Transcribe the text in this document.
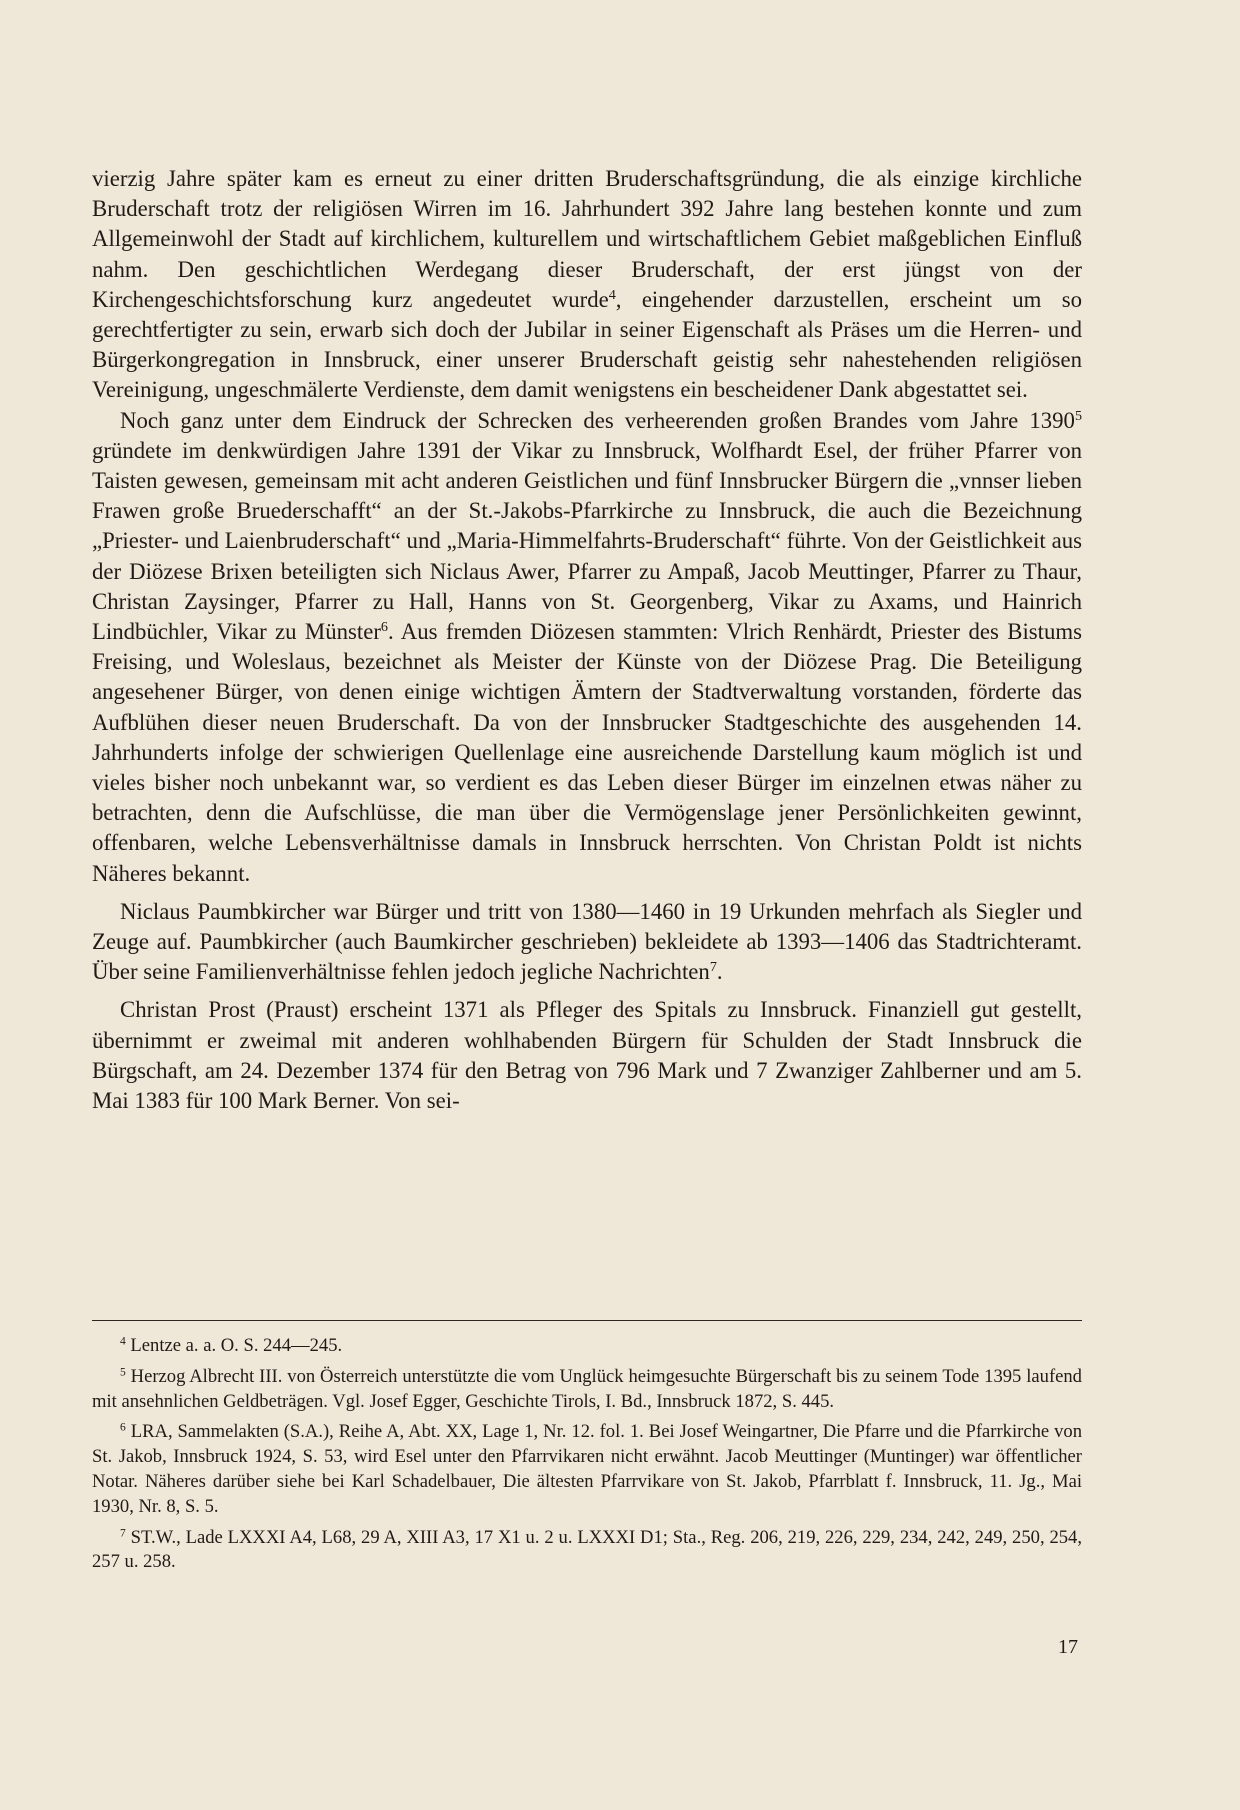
vierzig Jahre später kam es erneut zu einer dritten Bruderschaftsgründung, die als einzige kirchliche Bruderschaft trotz der religiösen Wirren im 16. Jahrhundert 392 Jahre lang bestehen konnte und zum Allgemeinwohl der Stadt auf kirchlichem, kulturellem und wirtschaftlichem Gebiet maßgeblichen Einfluß nahm. Den geschichtlichen Werdegang dieser Bruderschaft, der erst jüngst von der Kirchengeschichtsforschung kurz angedeutet wurde$^4$, eingehender darzustellen, erscheint um so gerechtfertigter zu sein, erwarb sich doch der Jubilar in seiner Eigenschaft als Präses um die Herren- und Bürgerkongregation in Innsbruck, einer unserer Bruderschaft geistig sehr nahestehenden religiösen Vereinigung, ungeschmälerte Verdienste, dem damit wenigstens ein bescheidener Dank abgestattet sei.

Noch ganz unter dem Eindruck der Schrecken des verheerenden großen Brandes vom Jahre 1390$^5$ gründete im denkwürdigen Jahre 1391 der Vikar zu Innsbruck, Wolfhardt Esel, der früher Pfarrer von Taisten gewesen, gemeinsam mit acht anderen Geistlichen und fünf Innsbrucker Bürgern die „vnnser lieben Frawen große Bruederschafft“ an der St.-Jakobs-Pfarrkirche zu Innsbruck, die auch die Bezeichnung „Priester- und Laienbruderschaft“ und „Maria-Himmelfahrts-Bruderschaft“ führte. Von der Geistlichkeit aus der Diözese Brixen beteiligten sich Niclaus Awer, Pfarrer zu Ampaß, Jacob Meuttinger, Pfarrer zu Thaur, Christan Zaysinger, Pfarrer zu Hall, Hanns von St. Georgenberg, Vikar zu Axams, und Hainrich Lindbüchler, Vikar zu Münster$^6$. Aus fremden Diözesen stammten: Vlrich Renhärdt, Priester des Bistums Freising, und Woleslaus, bezeichnet als Meister der Künste von der Diözese Prag. Die Beteiligung angesehener Bürger, von denen einige wichtigen Ämtern der Stadtverwaltung vorstanden, förderte das Aufblühen dieser neuen Bruderschaft. Da von der Innsbrucker Stadtgeschichte des ausgehenden 14. Jahrhunderts infolge der schwierigen Quellenlage eine ausreichende Darstellung kaum möglich ist und vieles bisher noch unbekannt war, so verdient es das Leben dieser Bürger im einzelnen etwas näher zu betrachten, denn die Aufschlüsse, die man über die Vermögenslage jener Persönlichkeiten gewinnt, offenbaren, welche Lebensverhältnisse damals in Innsbruck herrschten. Von Christan Poldt ist nichts Näheres bekannt.

Niclaus Paumbkircher war Bürger und tritt von 1380—1460 in 19 Urkunden mehrfach als Siegler und Zeuge auf. Paumbkircher (auch Baumkircher geschrieben) bekleidete ab 1393—1406 das Stadtrichteramt. Über seine Familienverhältnisse fehlen jedoch jegliche Nachrichten$^7$.

Christan Prost (Praust) erscheint 1371 als Pfleger des Spitals zu Innsbruck. Finanziell gut gestellt, übernimmt er zweimal mit anderen wohlhabenden Bürgern für Schulden der Stadt Innsbruck die Bürgschaft, am 24. Dezember 1374 für den Betrag von 796 Mark und 7 Zwanziger Zahlberner und am 5. Mai 1383 für 100 Mark Berner. Von sei-

$^4$ Lentze a. a. O. S. 244—245.

$^5$ Herzog Albrecht III. von Österreich unterstützte die vom Unglück heimgesuchte Bürgerschaft bis zu seinem Tode 1395 laufend mit ansehnlichen Geldbeträgen. Vgl. Josef Egger, Geschichte Tirols, I. Bd., Innsbruck 1872, S. 445.

$^6$ LRA, Sammelakten (S.A.), Reihe A, Abt. XX, Lage 1, Nr. 12. fol. 1. Bei Josef Weingartner, Die Pfarre und die Pfarrkirche von St. Jakob, Innsbruck 1924, S. 53, wird Esel unter den Pfarrvikaren nicht erwähnt. Jacob Meuttinger (Muntinger) war öffentlicher Notar. Näheres darüber siehe bei Karl Schadelbauer, Die ältesten Pfarrvikare von St. Jakob, Pfarrblatt f. Innsbruck, 11. Jg., Mai 1930, Nr. 8, S. 5.

$^7$ ST.W., Lade LXXXI A4, L68, 29 A, XIII A3, 17 X1 u. 2 u. LXXXI D1; Sta., Reg. 206, 219, 226, 229, 234, 242, 249, 250, 254, 257 u. 258.

17
